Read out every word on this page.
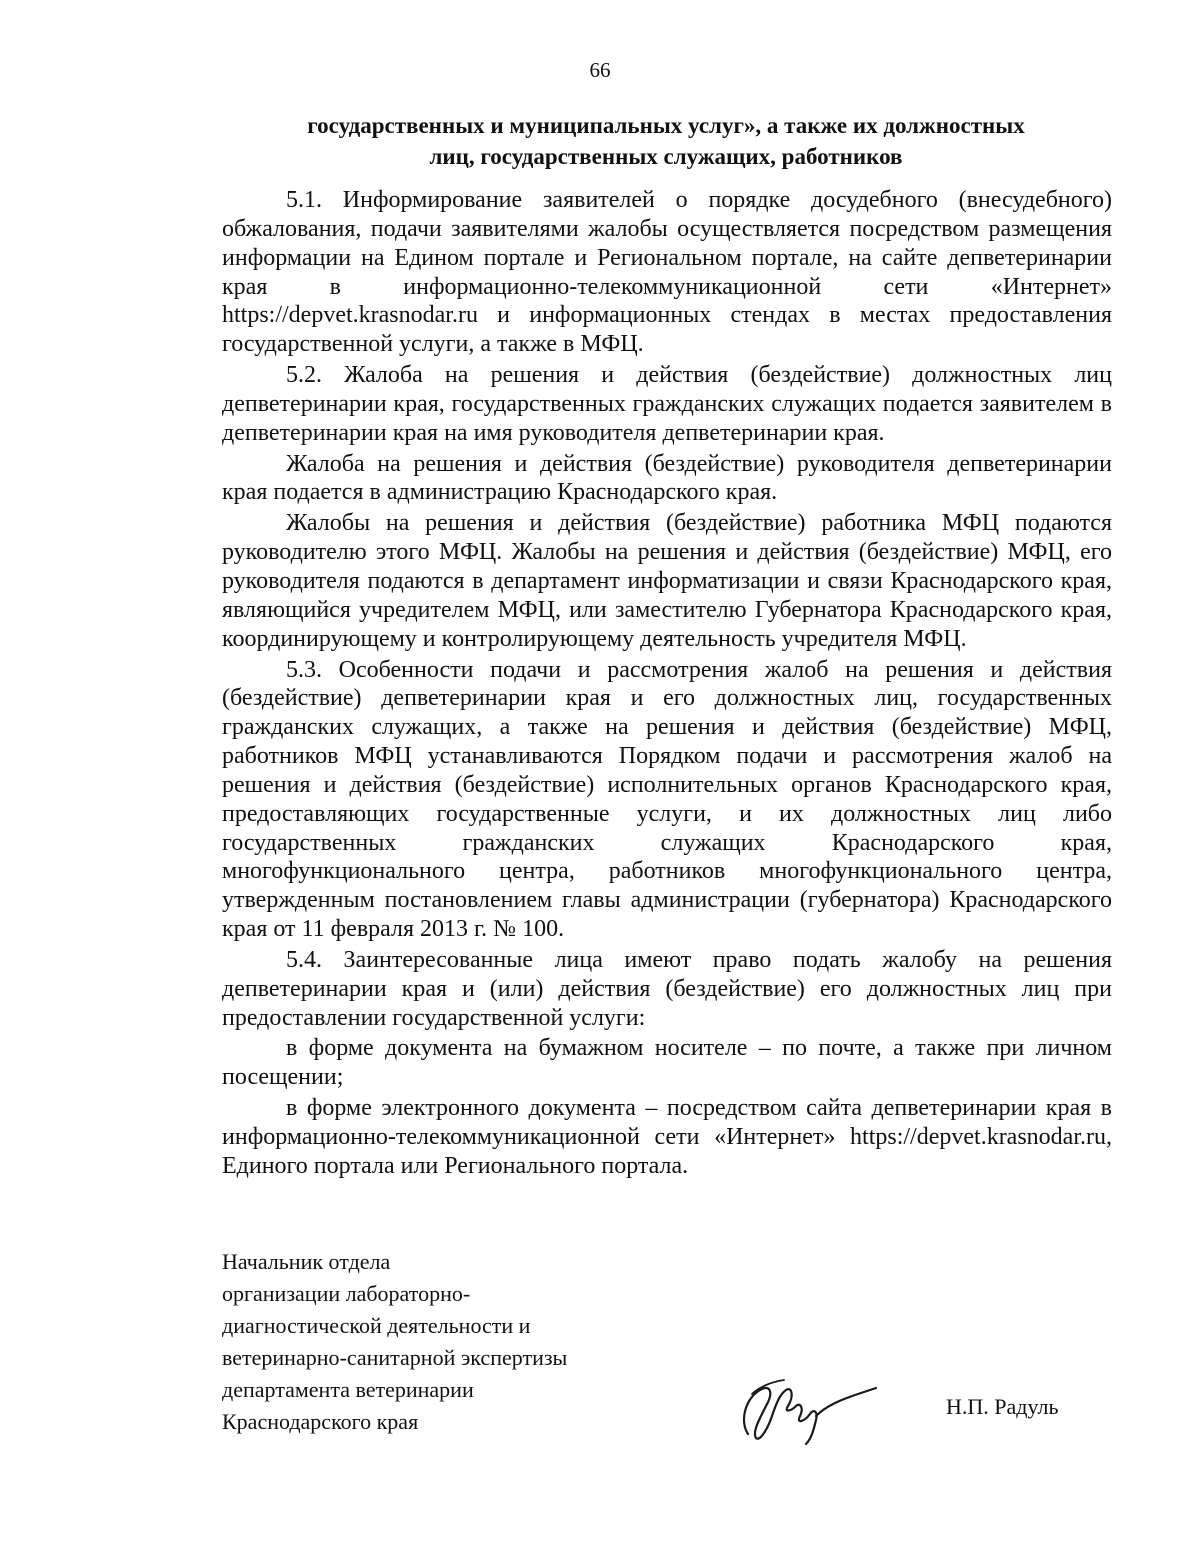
66
государственных и муниципальных услуг», а также их должностных
лиц, государственных служащих, работников

5.1. Информирование заявителей о порядке досудебного (внесудебного) обжалования, подачи заявителями жалобы осуществляется посредством размещения информации на Едином портале и Региональном портале, на сайте депветеринарии края в информационно-телекоммуникационной сети «Интернет» https://depvet.krasnodar.ru и информационных стендах в местах предоставления государственной услуги, а также в МФЦ.

5.2. Жалоба на решения и действия (бездействие) должностных лиц депветеринарии края, государственных гражданских служащих подается заявителем в депветеринарии края на имя руководителя депветеринарии края.

Жалоба на решения и действия (бездействие) руководителя депветеринарии края подается в администрацию Краснодарского края.

Жалобы на решения и действия (бездействие) работника МФЦ подаются руководителю этого МФЦ. Жалобы на решения и действия (бездействие) МФЦ, его руководителя подаются в департамент информатизации и связи Краснодарского края, являющийся учредителем МФЦ, или заместителю Губернатора Краснодарского края, координирующему и контролирующему деятельность учредителя МФЦ.

5.3. Особенности подачи и рассмотрения жалоб на решения и действия (бездействие) депветеринарии края и его должностных лиц, государственных гражданских служащих, а также на решения и действия (бездействие) МФЦ, работников МФЦ устанавливаются Порядком подачи и рассмотрения жалоб на решения и действия (бездействие) исполнительных органов Краснодарского края, предоставляющих государственные услуги, и их должностных лиц либо государственных гражданских служащих Краснодарского края, многофункционального центра, работников многофункционального центра, утвержденным постановлением главы администрации (губернатора) Краснодарского края от 11 февраля 2013 г. № 100.

5.4. Заинтересованные лица имеют право подать жалобу на решения депветеринарии края и (или) действия (бездействие) его должностных лиц при предоставлении государственной услуги:

в форме документа на бумажном носителе – по почте, а также при личном посещении;

в форме электронного документа – посредством сайта депветеринарии края в информационно-телекоммуникационной сети «Интернет» https://depvet.krasnodar.ru, Единого портала или Регионального портала.

Начальник отдела
организации лабораторно-
диагностической деятельности и
ветеринарно-санитарной экспертизы
департамента ветеринарии
Краснодарского края
Н.П. Радуль
